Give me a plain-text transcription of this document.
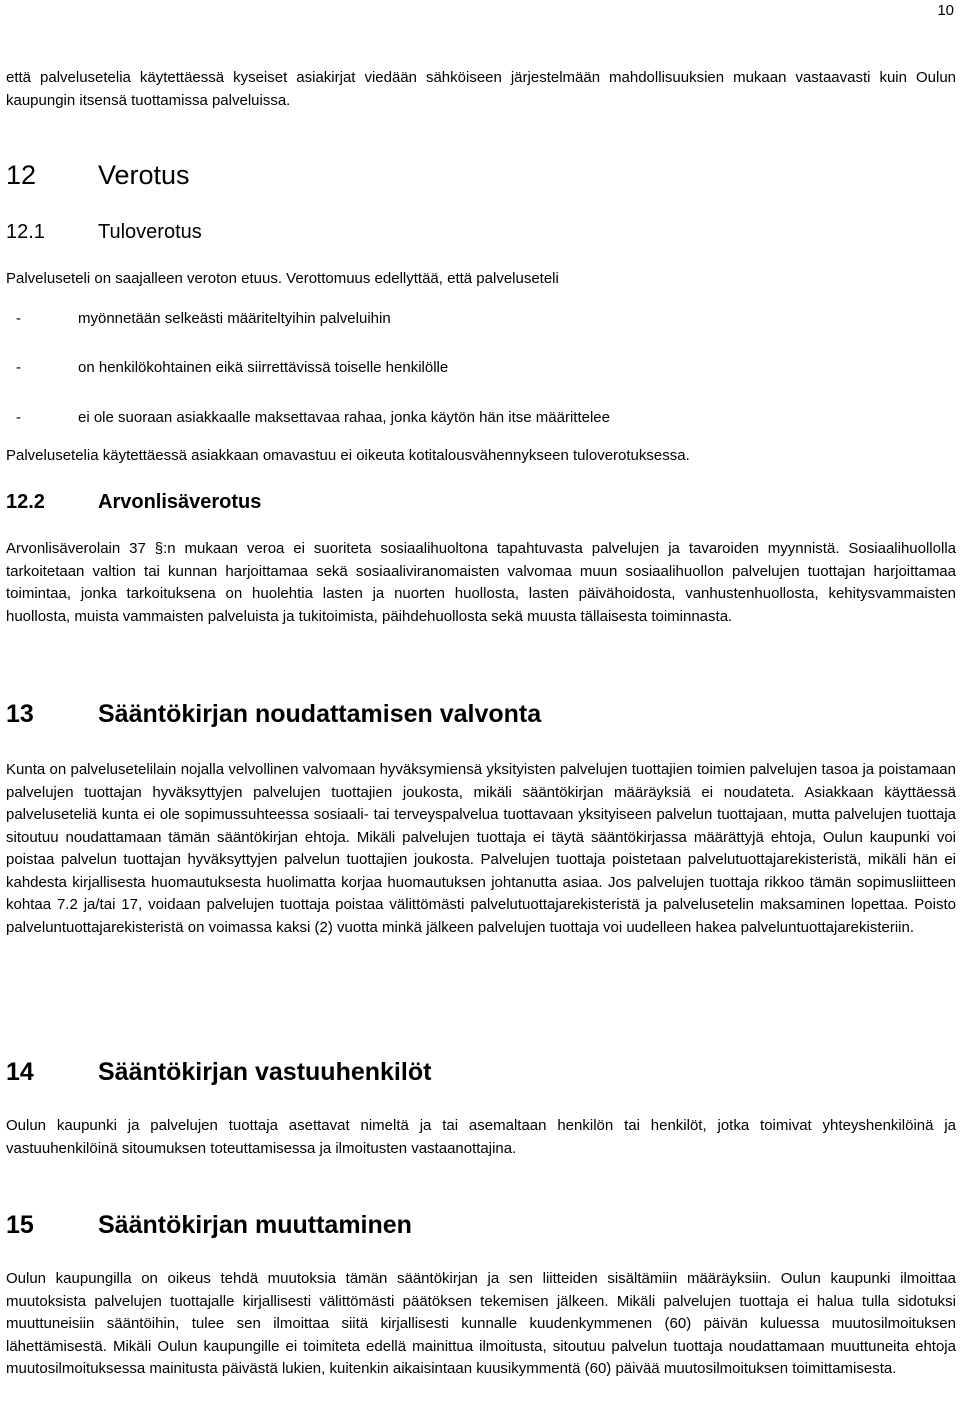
10
että palvelusetelia käytettäessä kyseiset asiakirjat viedään sähköiseen järjestelmään mahdollisuuksien mukaan vastaavasti kuin Oulun kaupungin itsensä tuottamissa palveluissa.
12 Verotus
12.1	Tuloverotus
Palveluseteli on saajalleen veroton etuus. Verottomuus edellyttää, että palveluseteli
-	myönnetään selkeästi määriteltyihin palveluihin
-	on henkilökohtainen eikä siirrettävissä toiselle henkilölle
-	ei ole suoraan asiakkaalle maksettavaa rahaa, jonka käytön hän itse määrittelee
Palvelusetelia käytettäessä asiakkaan omavastuu ei oikeuta kotitalousvähennykseen tuloverotuksessa.
12.2	Arvonlisäverotus
Arvonlisäverolain 37 §:n mukaan veroa ei suoriteta sosiaalihuoltona tapahtuvasta palvelujen ja tavaroiden myynnistä. Sosiaalihuollolla tarkoitetaan valtion tai kunnan harjoittamaa sekä sosiaaliviranomaisten valvomaa muun sosiaalihuollon palvelujen tuottajan harjoittamaa toimintaa, jonka tarkoituksena on huolehtia lasten ja nuorten huollosta, lasten päivähoidosta, vanhustenhuollosta, kehitysvammaisten huollosta, muista vammaisten palveluista ja tukitoimista, päihdehuollosta sekä muusta tällaisesta toiminnasta.
13	Sääntökirjan noudattamisen valvonta
Kunta on palvelusetelilain nojalla velvollinen valvomaan hyväksymiensä yksityisten palvelujen tuottajien toimien palvelujen tasoa ja poistamaan palvelujen tuottajan hyväksyttyjen palvelujen tuottajien joukosta, mikäli sääntökirjan määräyksiä ei noudateta. Asiakkaan käyttäessä palveluseteliä kunta ei ole sopimussuhteessa sosiaali- tai terveyspalvelua tuottavaan yksityiseen palvelun tuottajaan, mutta palvelujen tuottaja sitoutuu noudattamaan tämän sääntökirjan ehtoja. Mikäli palvelujen tuottaja ei täytä sääntökirjassa määrättyjä ehtoja, Oulun kaupunki voi poistaa palvelun tuottajan hyväksyttyjen palvelun tuottajien joukosta. Palvelujen tuottaja poistetaan palvelutuottajarekisteristä, mikäli hän ei kahdesta kirjallisesta huomautuksesta huolimatta korjaa huomautuksen johtanutta asiaa. Jos palvelujen tuottaja rikkoo tämän sopimusliitteen kohtaa 7.2 ja/tai 17, voidaan palvelujen tuottaja poistaa välittömästi palvelutuottajarekisteristä ja palvelusetelin maksaminen lopettaa. Poisto palveluntuottajarekisteristä on voimassa kaksi (2) vuotta minkä jälkeen palvelujen tuottaja voi uudelleen hakea palveluntuottajarekisteriin.
14	Sääntökirjan vastuuhenkilöt
Oulun kaupunki ja palvelujen tuottaja asettavat nimeltä ja tai asemaltaan henkilön tai henkilöt, jotka toimivat yhteyshenkilöinä ja vastuuhenkilöinä sitoumuksen toteuttamisessa ja ilmoitusten vastaanottajina.
15	Sääntökirjan muuttaminen
Oulun kaupungilla on oikeus tehdä muutoksia tämän sääntökirjan ja sen liitteiden sisältämiin määräyksiin. Oulun kaupunki ilmoittaa muutoksista palvelujen tuottajalle kirjallisesti välittömästi päätöksen tekemisen jälkeen. Mikäli palvelujen tuottaja ei halua tulla sidotuksi muuttuneisiin sääntöihin, tulee sen ilmoittaa siitä kirjallisesti kunnalle kuudenkymmenen (60) päivän kuluessa muutosilmoituksen lähettämisestä. Mikäli Oulun kaupungille ei toimiteta edellä mainittua ilmoitusta, sitoutuu palvelun tuottaja noudattamaan muuttuneita ehtoja muutosilmoituksessa mainitusta päivästä lukien, kuitenkin aikaisintaan kuusikymmentä (60) päivää muutosilmoituksen toimittamisesta.
